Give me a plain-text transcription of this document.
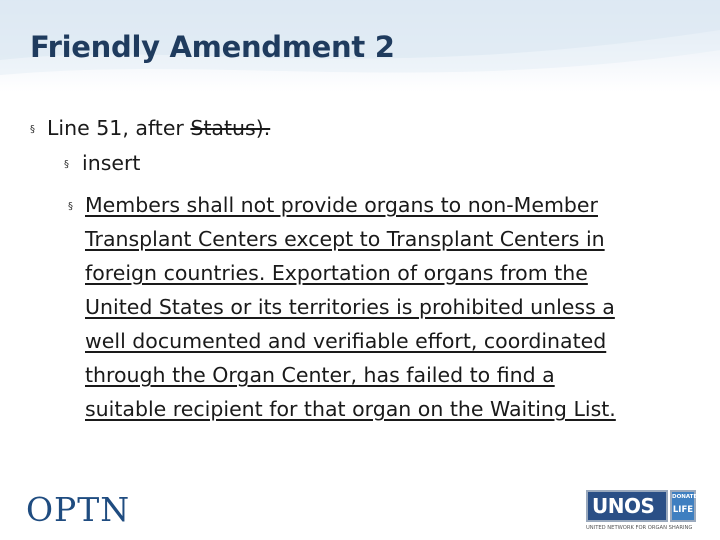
Friendly Amendment 2
§ Line 51, after Status).
§ insert
§ Members shall not provide organs to non-Member
Transplant Centers except to Transplant Centers in
foreign countries. Exportation of organs from the
United States or its territories is prohibited unless a
well documented and verifiable effort, coordinated
through the Organ Center, has failed to find a
suitable recipient for that organ on the Waiting List.
OPTN	UNOS	DONATE
LIFE
UNITED NETWORK FOR ORGAN SHARING
